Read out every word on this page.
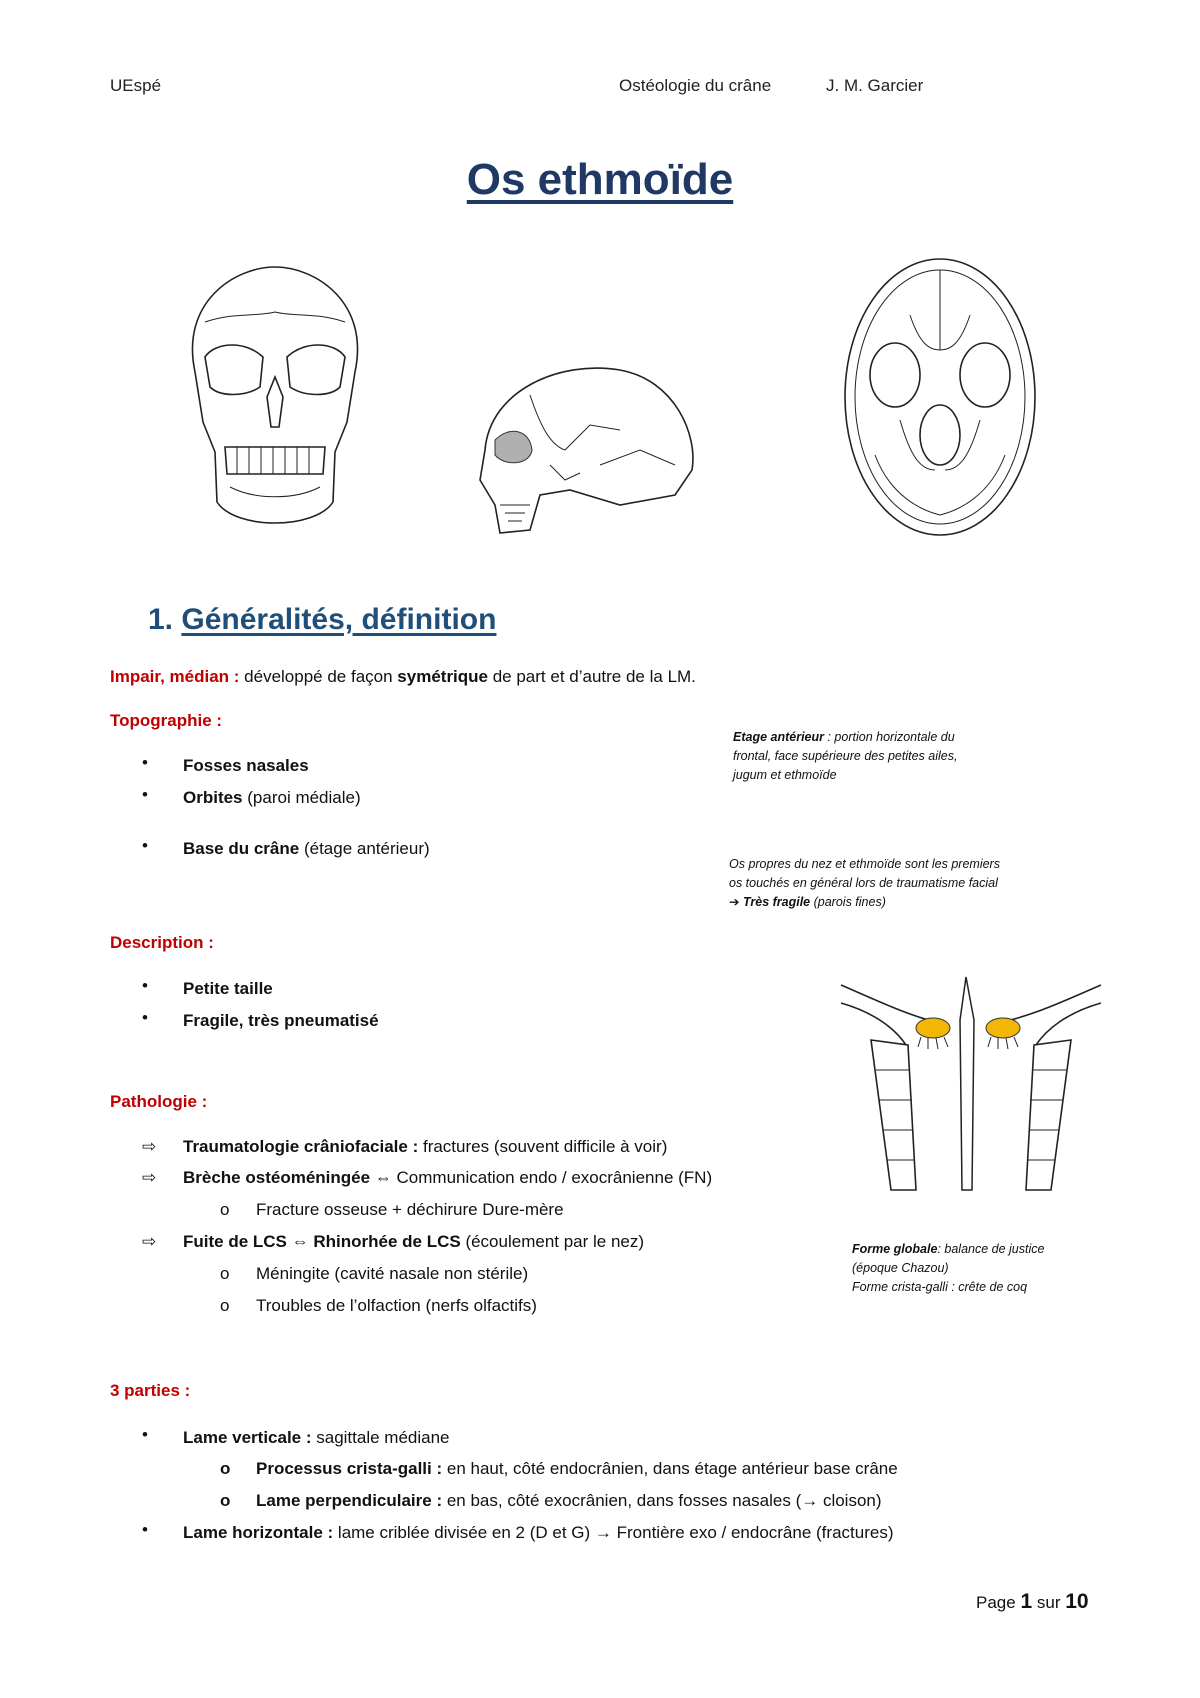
UEspé	Ostéologie du crâne	J. M. Garcier
Os ethmoïde
1. Généralités, définition
Impair, médian : développé de façon symétrique de part et d’autre de la LM.
Topographie :
• Fosses nasales
• Orbites (paroi médiale)
• Base du crâne (étage antérieur)
Etage antérieur : portion horizontale du
frontal, face supérieure des petites ailes,
jugum et ethmoïde
Os propres du nez et ethmoïde sont les premiers
os touchés en général lors de traumatisme facial
➔ Très fragile (parois fines)
Description :
• Petite taille
• Fragile, très pneumatisé
Pathologie :
⇨ Traumatologie crâniofaciale : fractures (souvent difficile à voir)
⇨ Brèche ostéoméningée ⇔ Communication endo / exocrânienne (FN)
o Fracture osseuse + déchirure Dure-mère
⇨ Fuite de LCS ⇔ Rhinorhée de LCS (écoulement par le nez)
o Méningite (cavité nasale non stérile)
o Troubles de l’olfaction (nerfs olfactifs)
Forme globale: balance de justice
(époque Chazou)
Forme crista-galli : crête de coq
3 parties :
• Lame verticale : sagittale médiane
o Processus crista-galli : en haut, côté endocrânien, dans étage antérieur base crâne
o Lame perpendiculaire : en bas, côté exocrânien, dans fosses nasales (→ cloison)
• Lame horizontale : lame criblée divisée en 2 (D et G) → Frontière exo / endocrâne (fractures)
Page 1 sur 10
